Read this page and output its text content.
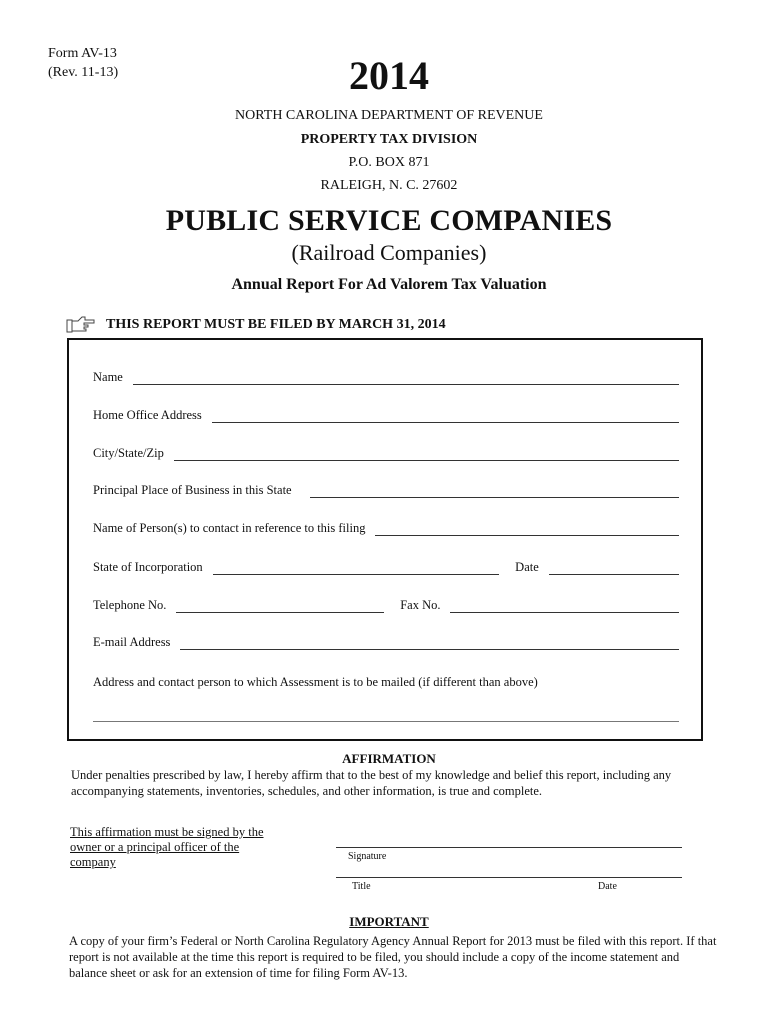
Form AV-13
(Rev. 11-13)	2014
NORTH CAROLINA DEPARTMENT OF REVENUE
PROPERTY TAX DIVISION
P.O. BOX 871
RALEIGH, N. C. 27602
PUBLIC SERVICE COMPANIES
(Railroad Companies)
Annual Report For Ad Valorem Tax Valuation
THIS REPORT MUST BE FILED BY MARCH 31, 2014
Name
Home Office Address
City/State/Zip
Principal Place of Business in this State
Name of Person(s) to contact in reference to this filing
State of Incorporation	Date
Telephone No.	Fax No.
E-mail Address
Address and contact person to which Assessment is to be mailed (if different than above)
AFFIRMATION
Under penalties prescribed by law, I hereby affirm that to the best of my knowledge and belief this report, including any accompanying statements, inventories, schedules, and other information, is true and complete.
This affirmation must be signed by the owner or a principal officer of the company	Signature
Title	Date
IMPORTANT
A copy of your firm’s Federal or North Carolina Regulatory Agency Annual Report for 2013 must be filed with this report. If that report is not available at the time this report is required to be filed, you should include a copy of the income statement and balance sheet or ask for an extension of time for filing Form AV-13.
